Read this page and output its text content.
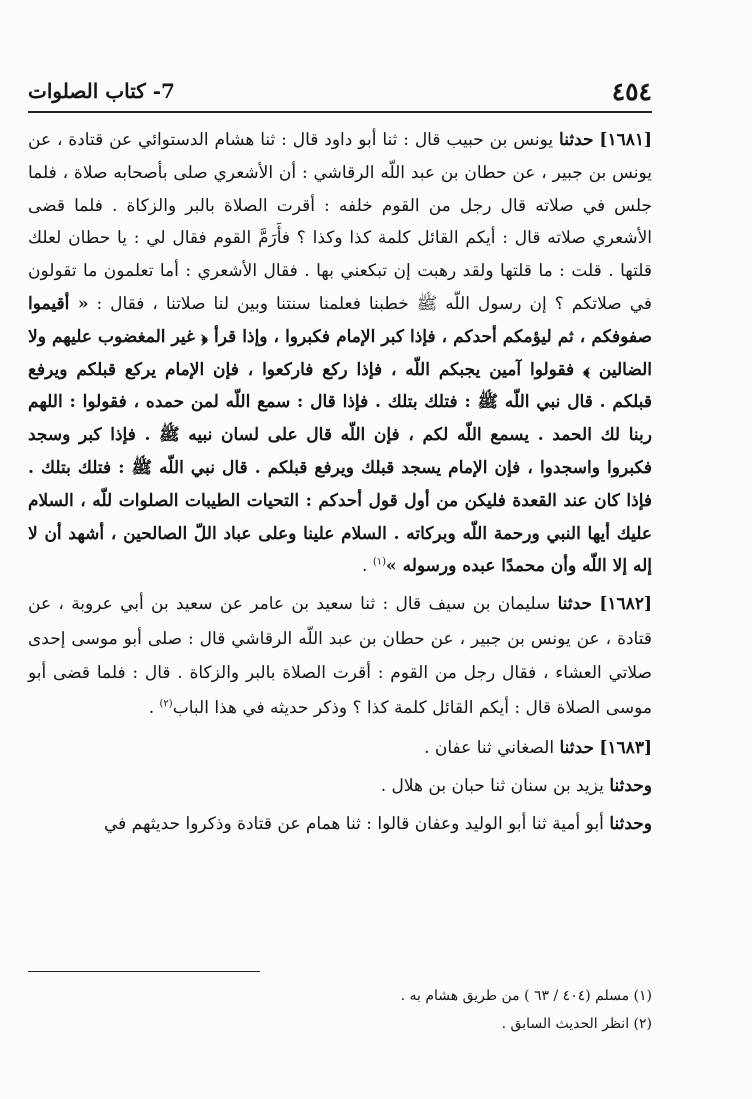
٤٥٤
7- كتاب الصلوات

[١٦٨١] حدثنا يونس بن حبيب قال : ثنا أبو داود قال : ثنا هشام الدستوائي عن قتادة ، عن يونس بن جبير ، عن حطان بن عبد اللّه الرقاشي : أن الأشعري صلى بأصحابه صلاة ، فلما جلس في صلاته قال رجل من القوم خلفه : أقرت الصلاة بالبر والزكاة . فلما قضى الأشعري صلاته قال : أيكم القائل كلمة كذا وكذا ؟ فأَرَمَّ القوم فقال لي : يا حطان لعلك قلتها . قلت : ما قلتها ولقد رهبت إن تبكعني بها . فقال الأشعري : أما تعلمون ما تقولون في صلاتكم ؟ إن رسول اللّه ﷺ خطبنا فعلمنا سنتنا وبين لنا صلاتنا ، فقال : « أقيموا صفوفكم ، ثم ليؤمكم أحدكم ، فإذا كبر الإمام فكبروا ، وإذا قرأ ﴿ غير المغضوب عليهم ولا الضالين ﴾ فقولوا آمين يجبكم اللّه ، فإذا ركع فاركعوا ، فإن الإمام يركع قبلكم ويرفع قبلكم . قال نبي اللّه ﷺ : فتلك بتلك . فإذا قال : سمع اللّه لمن حمده ، فقولوا : اللهم ربنا لك الحمد . يسمع اللّه لكم ، فإن اللّه قال على لسان نبيه ﷺ . فإذا كبر وسجد فكبروا واسجدوا ، فإن الإمام يسجد قبلك ويرفع قبلكم . قال نبي اللّه ﷺ : فتلك بتلك . فإذا كان عند القعدة فليكن من أول قول أحدكم : التحيات الطيبات الصلوات للّه ، السلام عليك أيها النبي ورحمة اللّه وبركاته . السلام علينا وعلى عباد اللّ الصالحين ، أشهد أن لا إله إلا اللّه وأن محمدًا عبده ورسوله »$^{(١)}$ .

[١٦٨٢] حدثنا سليمان بن سيف قال : ثنا سعيد بن عامر عن سعيد بن أبي عروبة ، عن قتادة ، عن يونس بن جبير ، عن حطان بن عبد اللّه الرقاشي قال : صلى أبو موسى إحدى صلاتي العشاء ، فقال رجل من القوم : أقرت الصلاة بالبر والزكاة . قال : فلما قضى أبو موسى الصلاة قال : أيكم القائل كلمة كذا ؟ وذكر حديثه في هذا الباب$^{(٢)}$ .

[١٦٨٣] حدثنا الصغاني ثنا عفان .

وحدثنا يزيد بن سنان ثنا حبان بن هلال .

وحدثنا أبو أمية ثنا أبو الوليد وعفان قالوا : ثنا همام عن قتادة وذكروا حديثهم في

(١) مسلم (٤٠٤ / ٦٣ ) من طريق هشام به .

(٢) انظر الحديث السابق .
